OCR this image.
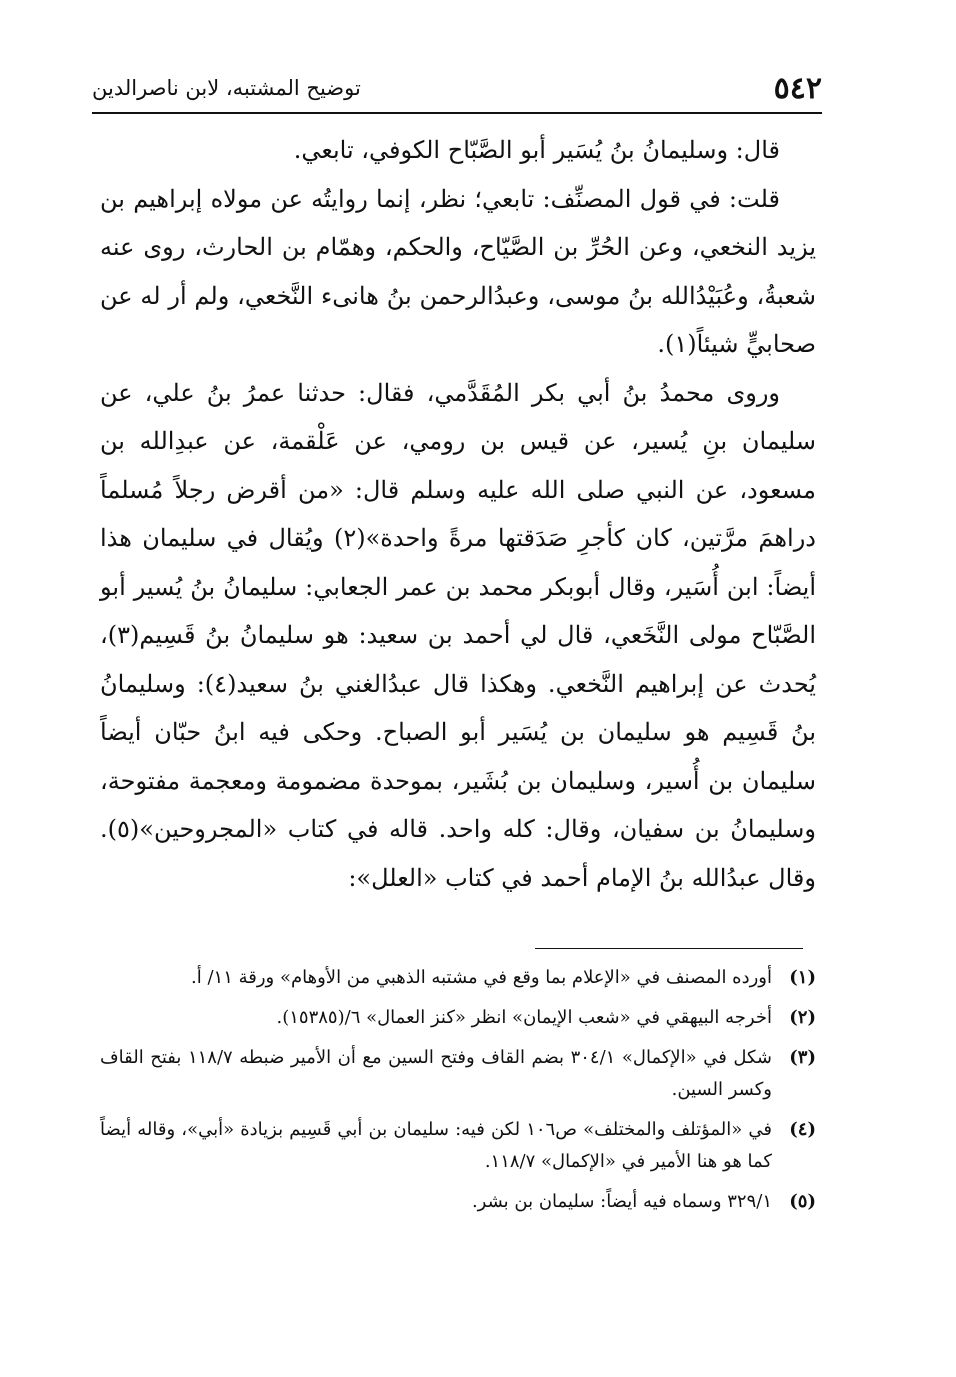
٥٤٢
توضيح المشتبه، لابن ناصرالدين

قال: وسليمانُ بنُ يُسَير أبو الصَّبّاح الكوفي، تابعي.

قلت: في قول المصنِّف: تابعي؛ نظر، إنما روايتُه عن مولاه إبراهيم بن يزيد النخعي، وعن الحُرِّ بن الصَّيّاح، والحكم، وهمّام بن الحارث، روى عنه شعبةُ، وعُبَيْدُالله بنُ موسى، وعبدُالرحمن بنُ هانىء النَّخعي، ولم أر له عن صحابيٍّ شيئاً(١).

وروى محمدُ بنُ أبي بكر المُقَدَّمي، فقال: حدثنا عمرُ بنُ علي، عن سليمان بنِ يُسير، عن قيس بن رومي، عن عَلْقمة، عن عبدِالله بن مسعود، عن النبي صلى الله عليه وسلم قال: «من أقرض رجلاً مُسلماً دراهمَ مرَّتين، كان كأجرِ صَدَقتها مرةً واحدة»(٢) ويُقال في سليمان هذا أيضاً: ابن أُسَير، وقال أبوبكر محمد بن عمر الجعابي: سليمانُ بنُ يُسير أبو الصَّبّاح مولى النَّخَعي، قال لي أحمد بن سعيد: هو سليمانُ بنُ قَسِيم(٣)، يُحدث عن إبراهيم النَّخعي. وهكذا قال عبدُالغني بنُ سعيد(٤): وسليمانُ بنُ قَسِيم هو سليمان بن يُسَير أبو الصباح. وحكى فيه ابنُ حبّان أيضاً سليمان بن أُسير، وسليمان بن بُشَير، بموحدة مضمومة ومعجمة مفتوحة، وسليمانُ بن سفيان، وقال: كله واحد. قاله في كتاب «المجروحين»(٥). وقال عبدُالله بنُ الإمام أحمد في كتاب «العلل»:

(١)
أورده المصنف في «الإعلام بما وقع في مشتبه الذهبي من الأوهام» ورقة ١١/ أ.
(٢)
أخرجه البيهقي في «شعب الإيمان» انظر «كنز العمال» ٦/(١٥٣٨٥).
(٣)
شكل في «الإكمال» ٣٠٤/١ بضم القاف وفتح السين مع أن الأمير ضبطه ١١٨/٧ بفتح القاف وكسر السين.
(٤)
في «المؤتلف والمختلف» ص١٠٦ لكن فيه: سليمان بن أبي قَسِيم بزيادة «أبي»، وقاله أيضاً كما هو هنا الأمير في «الإكمال» ١١٨/٧.
(٥)
٣٢٩/١ وسماه فيه أيضاً: سليمان بن بشر.
